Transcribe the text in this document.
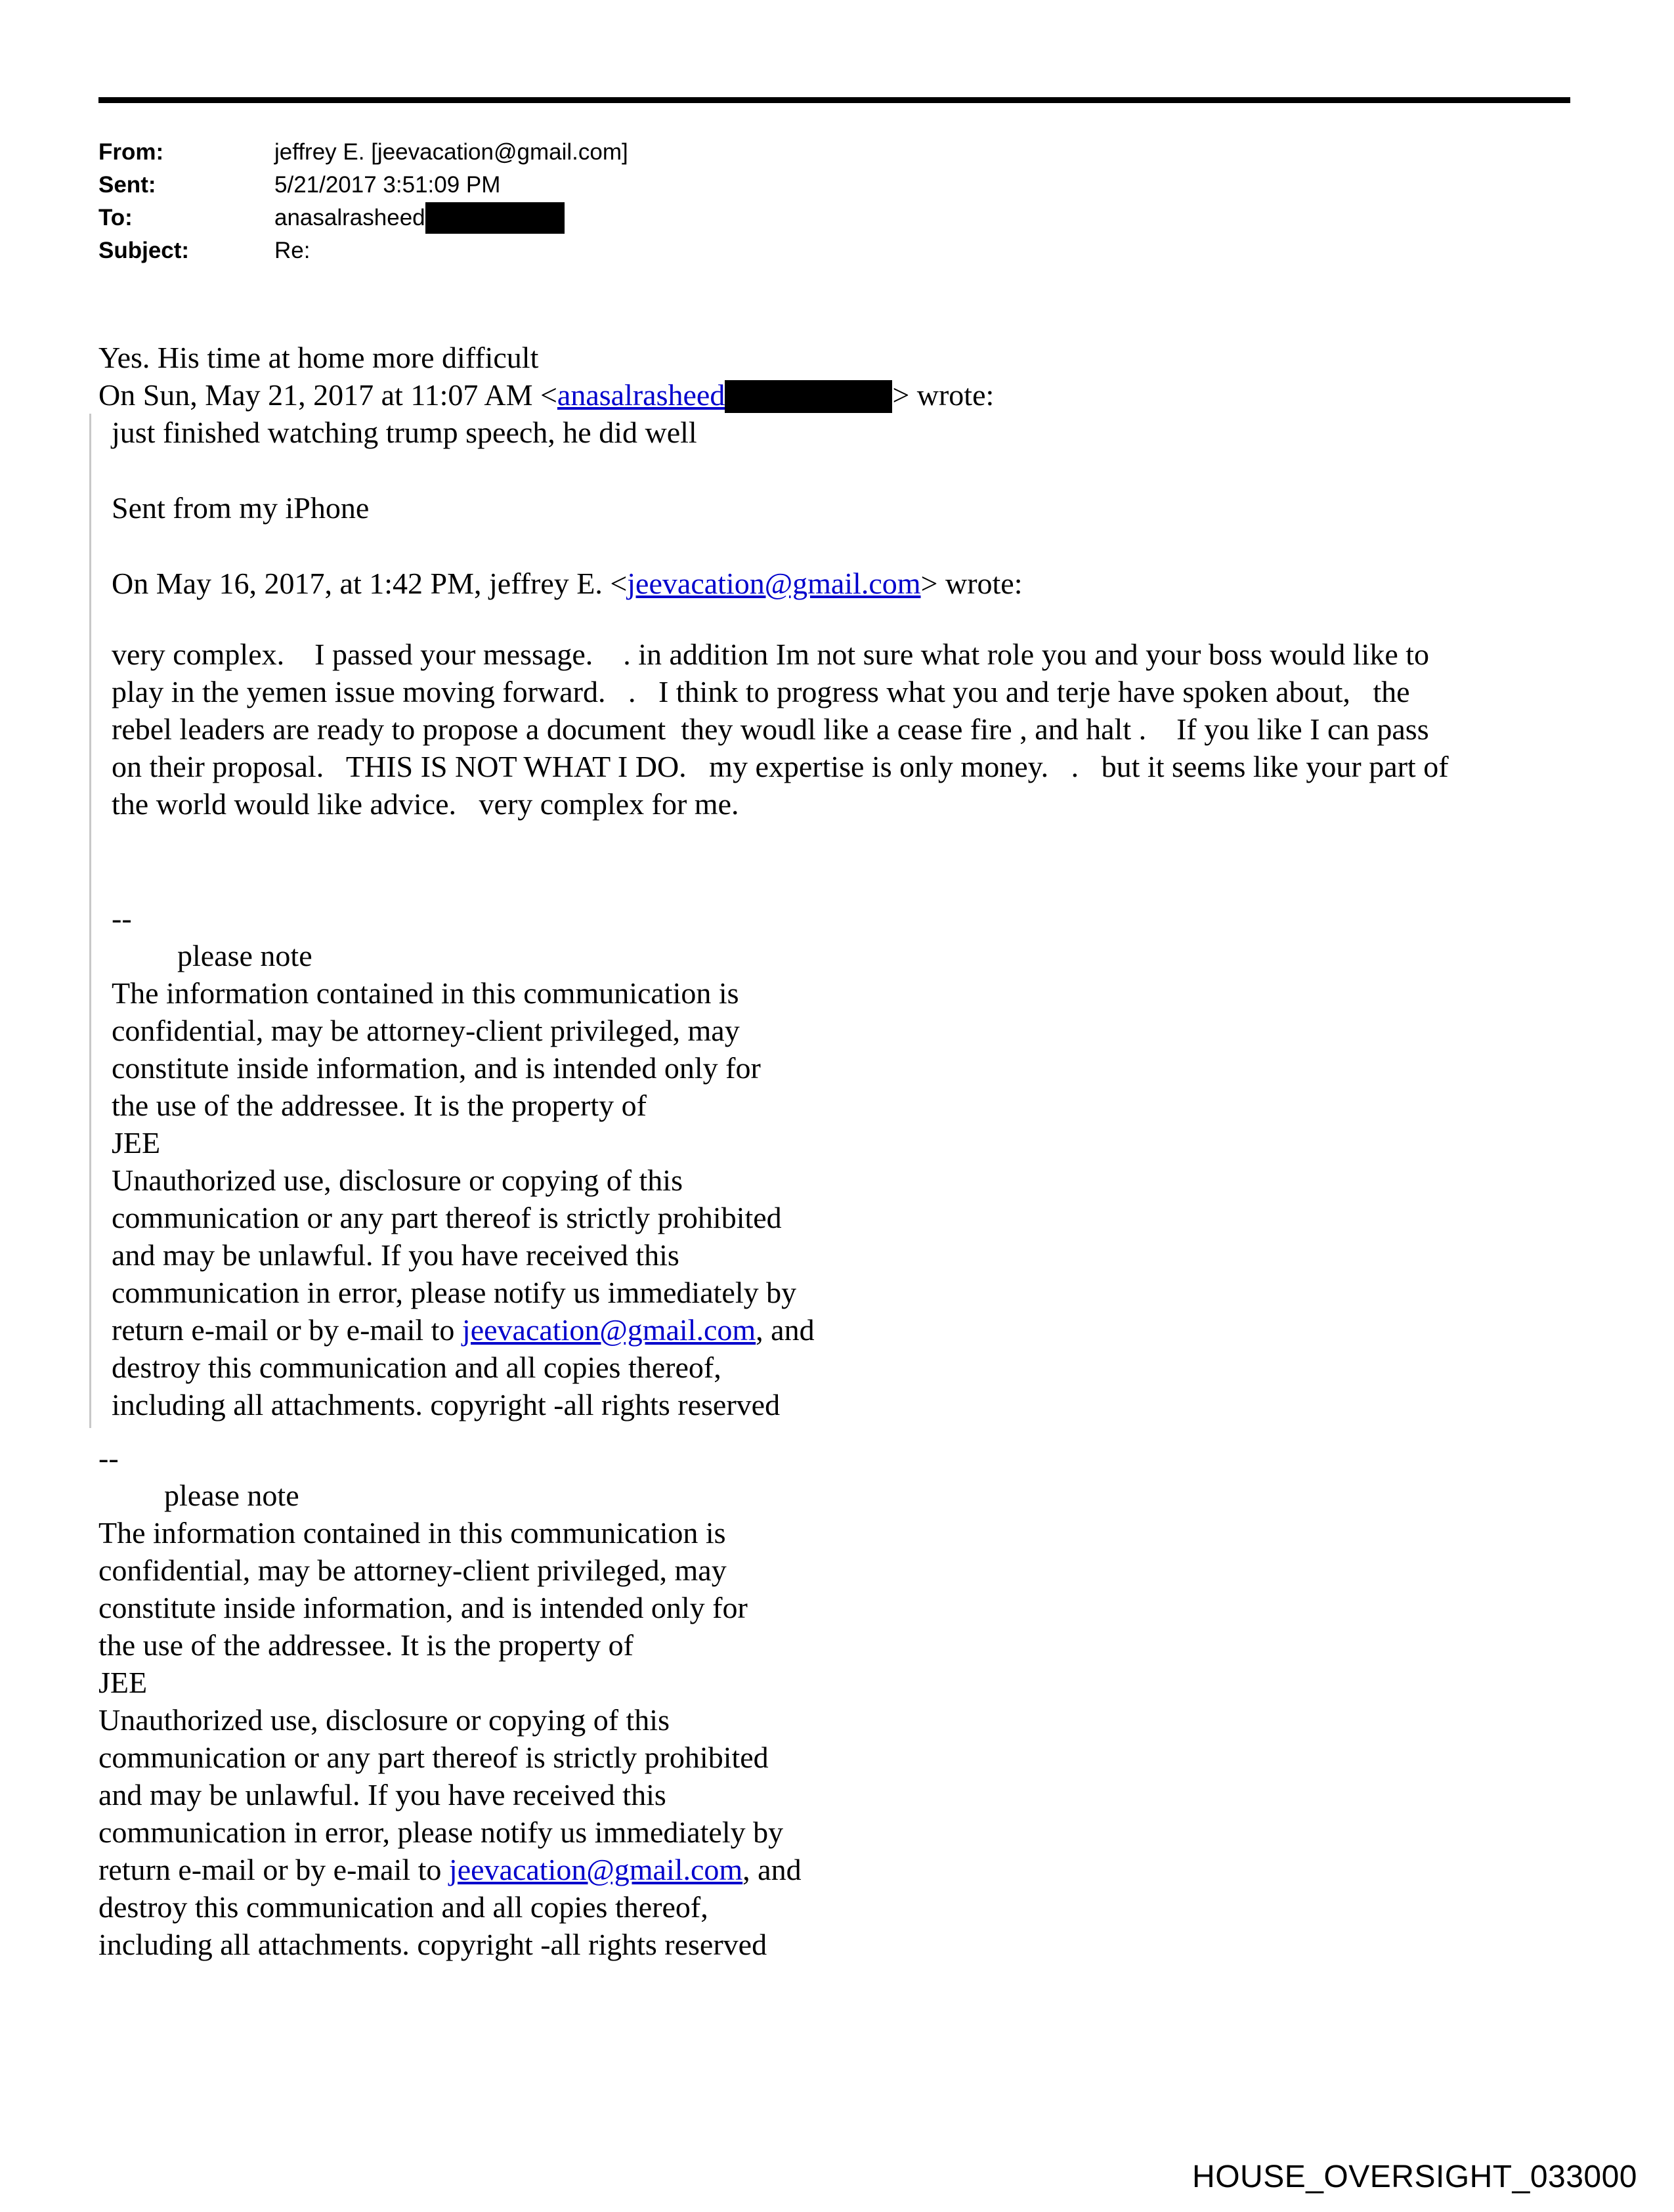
From:	jeffrey E. [jeevacation@gmail.com]
Sent:	5/21/2017 3:51:09 PM
To:	anasalrasheed
Subject:	Re:
Yes. His time at home more difficult
On Sun, May 21, 2017 at 11:07 AM <anasalrasheed	> wrote:
just finished watching trump speech, he did well
Sent from my iPhone
On May 16, 2017, at 1:42 PM, jeffrey E. <jeevacation@gmail.com> wrote:
very complex.    I passed your message.    . in addition Im not sure what role you and your boss would like to
play in the yemen issue moving forward.   .   I think to progress what you and terje have spoken about,   the
rebel leaders are ready to propose a document  they woudl like a cease fire , and halt .    If you like I can pass
on their proposal.   THIS IS NOT WHAT I DO.   my expertise is only money.   .   but it seems like your part of
the world would like advice.   very complex for me.
--
please note
The information contained in this communication is
confidential, may be attorney-client privileged, may
constitute inside information, and is intended only for
the use of the addressee. It is the property of
JEE
Unauthorized use, disclosure or copying of this
communication or any part thereof is strictly prohibited
and may be unlawful. If you have received this
communication in error, please notify us immediately by
return e-mail or by e-mail to jeevacation@gmail.com, and
destroy this communication and all copies thereof,
including all attachments. copyright -all rights reserved
--
please note
The information contained in this communication is
confidential, may be attorney-client privileged, may
constitute inside information, and is intended only for
the use of the addressee. It is the property of
JEE
Unauthorized use, disclosure or copying of this
communication or any part thereof is strictly prohibited
and may be unlawful. If you have received this
communication in error, please notify us immediately by
return e-mail or by e-mail to jeevacation@gmail.com, and
destroy this communication and all copies thereof,
including all attachments. copyright -all rights reserved
HOUSE_OVERSIGHT_033000
